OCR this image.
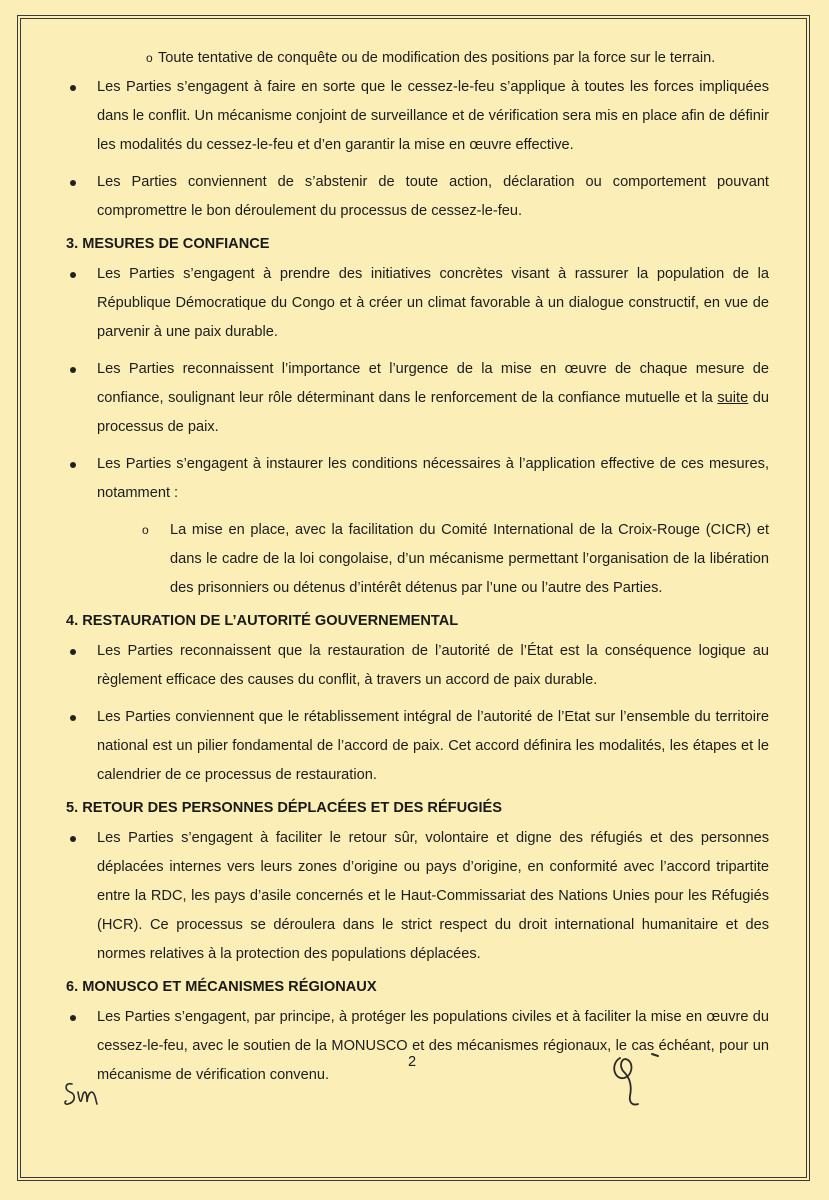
o Toute tentative de conquête ou de modification des positions par la force sur le terrain.
Les Parties s’engagent à faire en sorte que le cessez-le-feu s’applique à toutes les forces impliquées dans le conflit. Un mécanisme conjoint de surveillance et de vérification sera mis en place afin de définir les modalités du cessez-le-feu et d’en garantir la mise en œuvre effective.
Les Parties conviennent de s’abstenir de toute action, déclaration ou comportement pouvant compromettre le bon déroulement du processus de cessez-le-feu.
3. MESURES DE CONFIANCE
Les Parties s’engagent à prendre des initiatives concrètes visant à rassurer la population de la République Démocratique du Congo et à créer un climat favorable à un dialogue constructif, en vue de parvenir à une paix durable.
Les Parties reconnaissent l’importance et l’urgence de la mise en œuvre de chaque mesure de confiance, soulignant leur rôle déterminant dans le renforcement de la confiance mutuelle et la suite du processus de paix.
Les Parties s’engagent à instaurer les conditions nécessaires à l’application effective de ces mesures, notamment :
o La mise en place, avec la facilitation du Comité International de la Croix-Rouge (CICR) et dans le cadre de la loi congolaise, d’un mécanisme permettant l’organisation de la libération des prisonniers ou détenus d’intérêt détenus par l’une ou l’autre des Parties.
4. RESTAURATION DE L’AUTORITÉ GOUVERNEMENTAL
Les Parties reconnaissent que la restauration de l’autorité de l’État est la conséquence logique au règlement efficace des causes du conflit, à travers un accord de paix durable.
Les Parties conviennent que le rétablissement intégral de l’autorité de l’Etat sur l’ensemble du territoire national est un pilier fondamental de l’accord de paix. Cet accord définira les modalités, les étapes et le calendrier de ce processus de restauration.
5. RETOUR DES PERSONNES DÉPLACÉES ET DES RÉFUGIÉS
Les Parties s’engagent à faciliter le retour sûr, volontaire et digne des réfugiés et des personnes déplacées internes vers leurs zones d’origine ou pays d’origine, en conformité avec l’accord tripartite entre la RDC, les pays d’asile concernés et le Haut-Commissariat des Nations Unies pour les Réfugiés (HCR). Ce processus se déroulera dans le strict respect du droit international humanitaire et des normes relatives à la protection des populations déplacées.
6. MONUSCO ET MÉCANISMES RÉGIONAUX
Les Parties s’engagent, par principe, à protéger les populations civiles et à faciliter la mise en œuvre du cessez-le-feu, avec le soutien de la MONUSCO et des mécanismes régionaux, le cas échéant, pour un mécanisme de vérification convenu.
2
